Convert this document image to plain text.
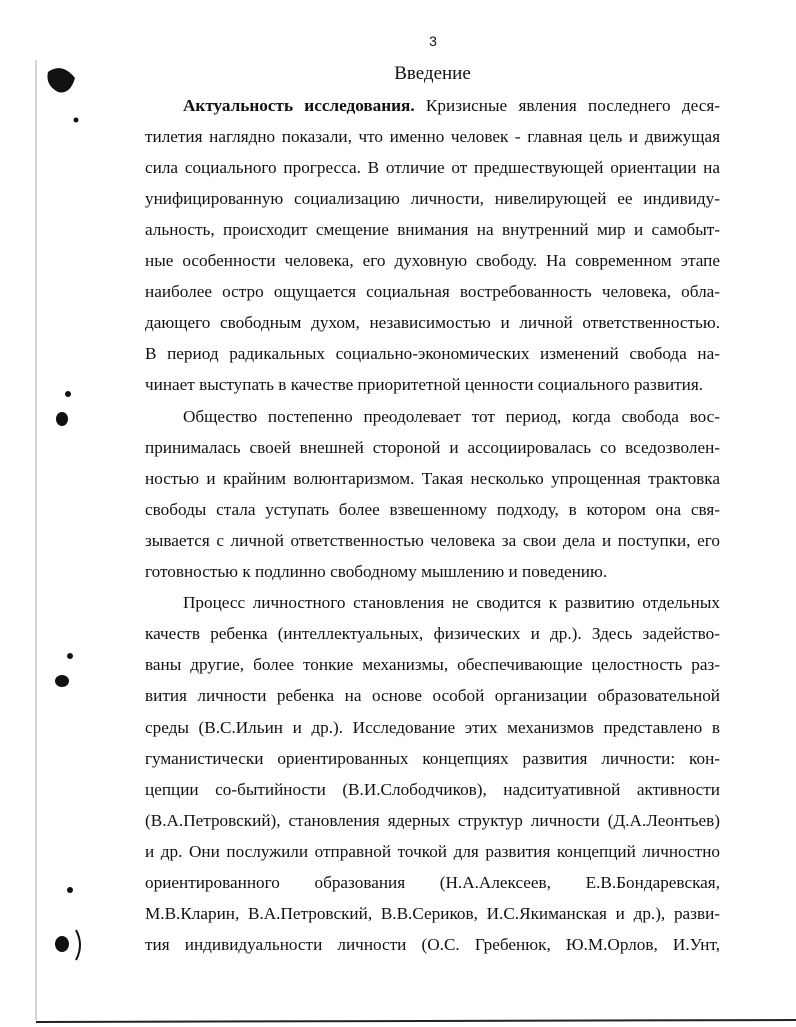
3
Введение
Актуальность исследования. Кризисные явления последнего деся-
тилетия наглядно показали, что именно человек - главная цель и движущая
сила социального прогресса. В отличие от предшествующей ориентации на
унифицированную социализацию личности, нивелирующей ее индивиду-
альность, происходит смещение внимания на внутренний мир и самобыт-
ные особенности человека, его духовную свободу. На современном этапе
наиболее остро ощущается социальная востребованность человека, обла-
дающего свободным духом, независимостью и личной ответственностью.
В период радикальных социально-экономических изменений свобода на-
чинает выступать в качестве приоритетной ценности социального развития.
Общество постепенно преодолевает тот период, когда свобода вос-
принималась своей внешней стороной и ассоциировалась со вседозволен-
ностью и крайним волюнтаризмом. Такая несколько упрощенная трактовка
свободы стала уступать более взвешенному подходу, в котором она свя-
зывается с личной ответственностью человека за свои дела и поступки, его
готовностью к подлинно свободному мышлению и поведению.
Процесс личностного становления не сводится к развитию отдельных
качеств ребенка (интеллектуальных, физических и др.). Здесь задейство-
ваны другие, более тонкие механизмы, обеспечивающие целостность раз-
вития личности ребенка на основе особой организации образовательной
среды (В.С.Ильин и др.). Исследование этих механизмов представлено в
гуманистически ориентированных концепциях развития личности: кон-
цепции со-бытийности (В.И.Слободчиков), надситуативной активности
(В.А.Петровский), становления ядерных структур личности (Д.А.Леонтьев)
и др. Они послужили отправной точкой для развития концепций личностно
ориентированного образования (Н.А.Алексеев, Е.В.Бондаревская,
М.В.Кларин, В.А.Петровский, В.В.Сериков, И.С.Якиманская и др.), разви-
тия индивидуальности личности (О.С. Гребенюк, Ю.М.Орлов, И.Унт,
